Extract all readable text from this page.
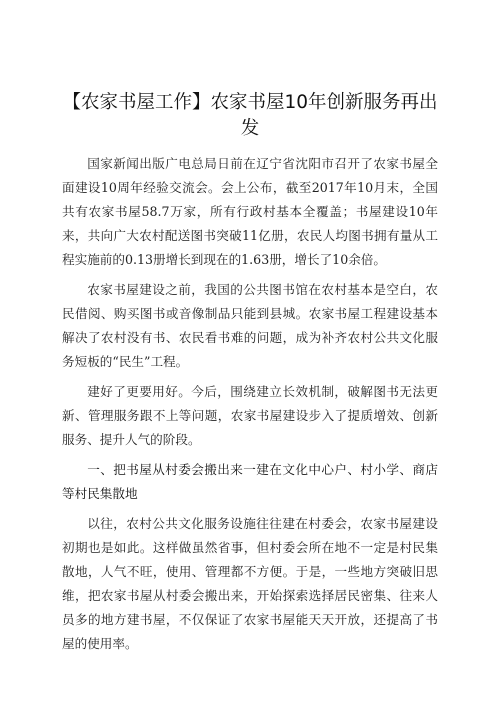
【农家书屋工作】农家书屋10年创新服务再出发

国家新闻出版广电总局日前在辽宁省沈阳市召开了农家书屋全面建设10周年经验交流会。会上公布，截至2017年10月末，全国共有农家书屋58.7万家，所有行政村基本全覆盖；书屋建设10年来，共向广大农村配送图书突破11亿册，农民人均图书拥有量从工程实施前的0.13册增长到现在的1.63册，增长了10余倍。

农家书屋建设之前，我国的公共图书馆在农村基本是空白，农民借阅、购买图书或音像制品只能到县城。农家书屋工程建设基本解决了农村没有书、农民看书难的问题，成为补齐农村公共文化服务短板的“民生”工程。

建好了更要用好。今后，围绕建立长效机制，破解图书无法更新、管理服务跟不上等问题，农家书屋建设步入了提质增效、创新服务、提升人气的阶段。

一、把书屋从村委会搬出来一建在文化中心户、村小学、商店等村民集散地

以往，农村公共文化服务设施往往建在村委会，农家书屋建设初期也是如此。这样做虽然省事，但村委会所在地不一定是村民集散地，人气不旺，使用、管理都不方便。于是，一些地方突破旧思维，把农家书屋从村委会搬出来，开始探索选择居民密集、往来人员多的地方建书屋，不仅保证了农家书屋能天天开放，还提高了书屋的使用率。
